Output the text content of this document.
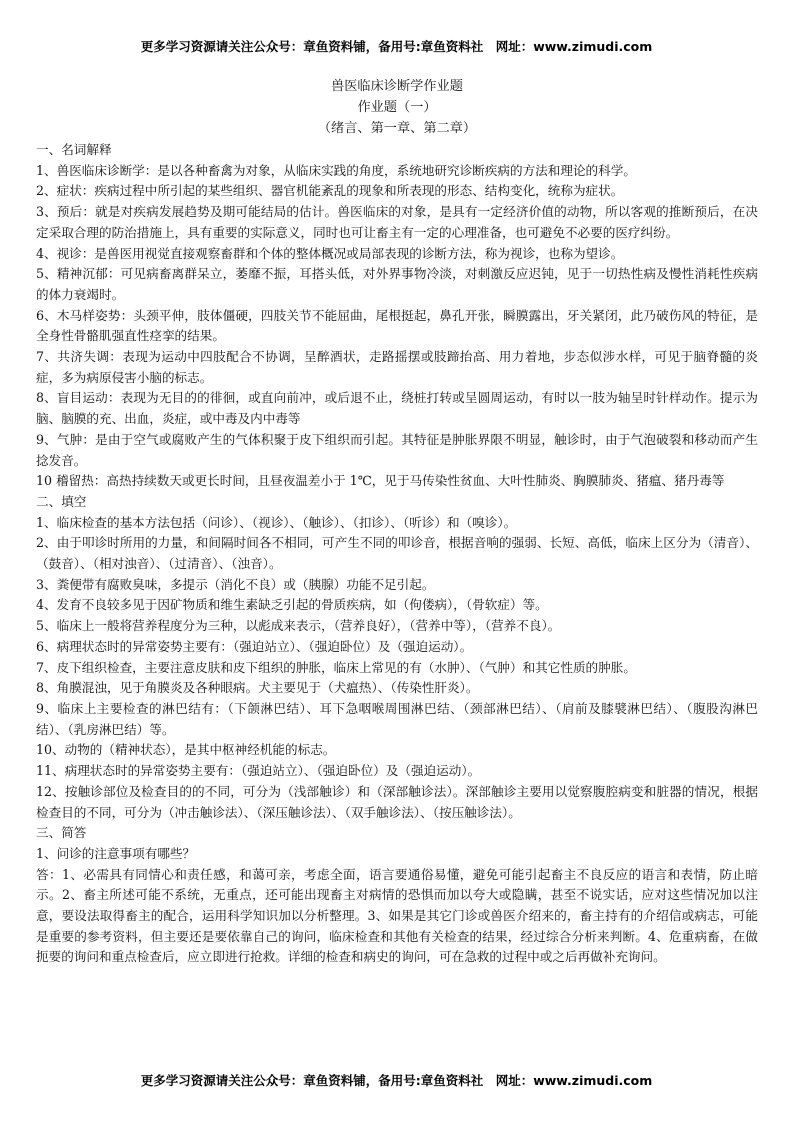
更多学习资源请关注公众号：章鱼资料铺，备用号:章鱼资料社　网址：www.zimudi.com

兽医临床诊断学作业题

作业题（一）

（绪言、第一章、第二章）

一、名词解释

1、兽医临床诊断学：是以各种畜禽为对象，从临床实践的角度，系统地研究诊断疾病的方法和理论的科学。

2、症状：疾病过程中所引起的某些组织、器官机能紊乱的现象和所表现的形态、结构变化，统称为症状。

3、预后：就是对疾病发展趋势及期可能结局的估计。兽医临床的对象，是具有一定经济价值的动物，所以客观的推断预后，在决定采取合理的防治措施上，具有重要的实际意义，同时也可让畜主有一定的心理准备，也可避免不必要的医疗纠纷。

4、视诊：是兽医用视觉直接观察畜群和个体的整体概况或局部表现的诊断方法，称为视诊，也称为望诊。

5、精神沉郁：可见病畜离群呆立，萎靡不振，耳搭头低，对外界事物冷淡，对刺激反应迟钝，见于一切热性病及慢性消耗性疾病的体力衰竭时。

6、木马样姿势：头颈平伸，肢体僵硬，四肢关节不能屈曲，尾根挺起，鼻孔开张，瞬膜露出，牙关紧闭，此乃破伤风的特征，是全身性骨骼肌强直性痉挛的结果。

7、共济失调：表现为运动中四肢配合不协调，呈醉酒状，走路摇摆或肢蹄抬高、用力着地，步态似涉水样，可见于脑脊髓的炎症，多为病原侵害小脑的标志。

8、盲目运动：表现为无目的的徘徊，或直向前冲，或后退不止，绕桩打转或呈圆周运动，有时以一肢为轴呈时针样动作。提示为脑、脑膜的充、出血，炎症，或中毒及内中毒等

9、气肿：是由于空气或腐败产生的气体积聚于皮下组织而引起。其特征是肿胀界限不明显，触诊时，由于气泡破裂和移动而产生捻发音。

10 稽留热：高热持续数天或更长时间，且昼夜温差小于 1℃，见于马传染性贫血、大叶性肺炎、胸膜肺炎、猪瘟、猪丹毒等

二、填空

1、临床检查的基本方法包括（问诊）、（视诊）、（触诊）、（扣诊）、（听诊）和（嗅诊）。

2、由于叩诊时所用的力量，和间隔时间各不相同，可产生不同的叩诊音，根据音响的强弱、长短、高低，临床上区分为（清音）、（鼓音）、（相对浊音）、（过清音）、（浊音）。

3、粪便带有腐败臭味，多提示（消化不良）或（胰腺）功能不足引起。

4、发育不良较多见于因矿物质和维生素缺乏引起的骨质疾病，如（佝偻病），（骨软症）等。

5、临床上一般将营养程度分为三种，以彪成来表示，（营养良好），（营养中等），（营养不良）。

6、病理状态时的异常姿势主要有：（强迫站立）、（强迫卧位）及（强迫运动）。

7、皮下组织检查，主要注意皮肤和皮下组织的肿胀，临床上常见的有（水肿）、（气肿）和其它性质的肿胀。

8、角膜混浊，见于角膜炎及各种眼病。犬主要见于（犬瘟热）、（传染性肝炎）。

9、临床上主要检查的淋巴结有：（下颌淋巴结）、耳下急咽喉周围淋巴结、（颈部淋巴结）、（肩前及膝襞淋巴结）、（腹股沟淋巴结）、（乳房淋巴结）等。

10、动物的（精神状态），是其中枢神经机能的标志。

11、病理状态时的异常姿势主要有：（强迫站立）、（强迫卧位）及（强迫运动）。

12、按触诊部位及检查目的的不同，可分为（浅部触诊）和（深部触诊法）。深部触诊主要用以觉察腹腔病变和脏器的情况，根据检查目的不同，可分为（冲击触诊法）、（深压触诊法）、（双手触诊法）、（按压触诊法）。

三、简答

1、问诊的注意事项有哪些？

答：1、必需具有同情心和责任感，和蔼可亲，考虑全面，语言要通俗易懂，避免可能引起畜主不良反应的语言和表情，防止暗示。2、畜主所述可能不系统，无重点，还可能出现畜主对病情的恐惧而加以夸大或隐瞒，甚至不说实话，应对这些情况加以注意，要设法取得畜主的配合，运用科学知识加以分析整理。3、如果是其它门诊或兽医介绍来的，畜主持有的介绍信或病志，可能是重要的参考资料，但主要还是要依靠自己的询问，临床检查和其他有关检查的结果，经过综合分析来判断。4、危重病畜，在做扼要的询问和重点检查后，应立即进行抢救。详细的检查和病史的询问，可在急救的过程中或之后再做补充询问。

更多学习资源请关注公众号：章鱼资料铺，备用号:章鱼资料社　网址：www.zimudi.com
